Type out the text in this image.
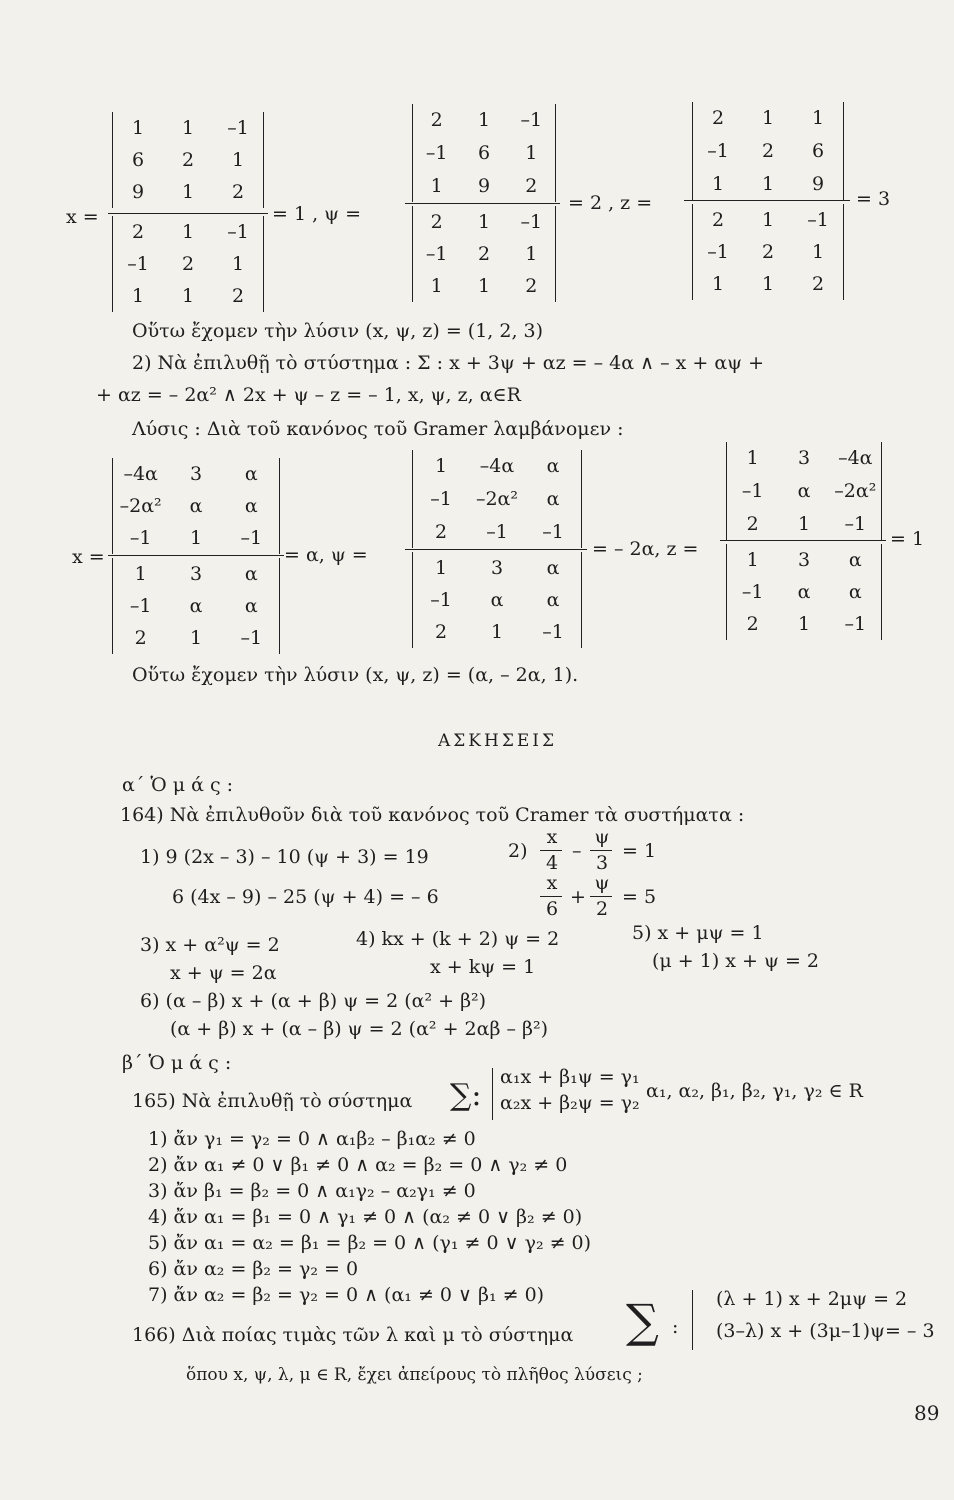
x =
1	1	–1
6	2	1
9	1	2
2	1	–1
–1	2	1
1	1	2
= 1 , ψ =
2	1	–1
–1	6	1
1	9	2
2	1	–1
–1	2	1
1	1	2
= 2 , z =
2	1	1
–1	2	6
1	1	9
2	1	–1
–1	2	1
1	1	2
= 3
Οὕτω ἔχομεν τὴν λύσιν (x, ψ, z) = (1, 2, 3)
2) Νὰ ἐπιλυθῇ τὸ στύστημα : Σ : x + 3ψ + αz = – 4α ∧ – x + αψ +
+ αz = – 2α² ∧ 2x + ψ – z = – 1, x, ψ, z, α∈R
Λύσις : Διὰ τοῦ κανόνος τοῦ Gramer λαμβάνομεν :
x =
–4α	3	α
–2α²	α	α
–1	1	–1
1	3	α
–1	α	α
2	1	–1
= α, ψ =
1	–4α	α
–1	–2α²	α
2	–1	–1
1	3	α
–1	α	α
2	1	–1
= – 2α, z =
1	3	–4α
–1	α	–2α²
2	1	–1
1	3	α
–1	α	α
2	1	–1
= 1
Οὕτω ἔχομεν τὴν λύσιν (x, ψ, z) = (α, – 2α, 1).
ΑΣΚΗΣΕΙΣ
α΄ Ὁ μ ά ς :
164) Νὰ ἐπιλυθοῦν διὰ τοῦ κανόνος τοῦ Cramer τὰ συστήματα :
1) 9 (2x – 3) – 10 (ψ + 3) = 19
6 (4x – 9) – 25 (ψ + 4) = – 6
2)
x
4
–
ψ
3
= 1
x
6
+
ψ
2
= 5
3) x + α²ψ = 2
x + ψ = 2α
4) kx + (k + 2) ψ = 2
x + kψ = 1
5) x + μψ = 1
(μ + 1) x + ψ = 2
6) (α – β) x + (α + β) ψ = 2 (α² + β²)
(α + β) x + (α – β) ψ = 2 (α² + 2αβ – β²)
β΄ Ὁ μ ά ς :
165) Νὰ ἐπιλυθῇ τὸ σύστημα ∑:
α₁x + β₁ψ = γ₁
α₂x + β₂ψ = γ₂
α₁, α₂, β₁, β₂, γ₁, γ₂ ∈ R
1) ἄν γ₁ = γ₂ = 0 ∧ α₁β₂ – β₁α₂ ≠ 0
2) ἄν α₁ ≠ 0 ∨ β₁ ≠ 0 ∧ α₂ = β₂ = 0 ∧ γ₂ ≠ 0
3) ἄν β₁ = β₂ = 0 ∧ α₁γ₂ – α₂γ₁ ≠ 0
4) ἄν α₁ = β₁ = 0 ∧ γ₁ ≠ 0 ∧ (α₂ ≠ 0 ∨ β₂ ≠ 0)
5) ἄν α₁ = α₂ = β₁ = β₂ = 0 ∧ (γ₁ ≠ 0 ∨ γ₂ ≠ 0)
6) ἄν α₂ = β₂ = γ₂ = 0
7) ἄν α₂ = β₂ = γ₂ = 0 ∧ (α₁ ≠ 0 ∨ β₁ ≠ 0)
166) Διὰ ποίας τιμὰς τῶν λ καὶ μ τὸ σύστημα ∑ :
(λ + 1) x + 2μψ = 2
(3–λ) x + (3μ–1)ψ= – 3
ὅπου x, ψ, λ, μ ∈ R, ἔχει ἀπείρους τὸ πλῆθος λύσεις ;
89
